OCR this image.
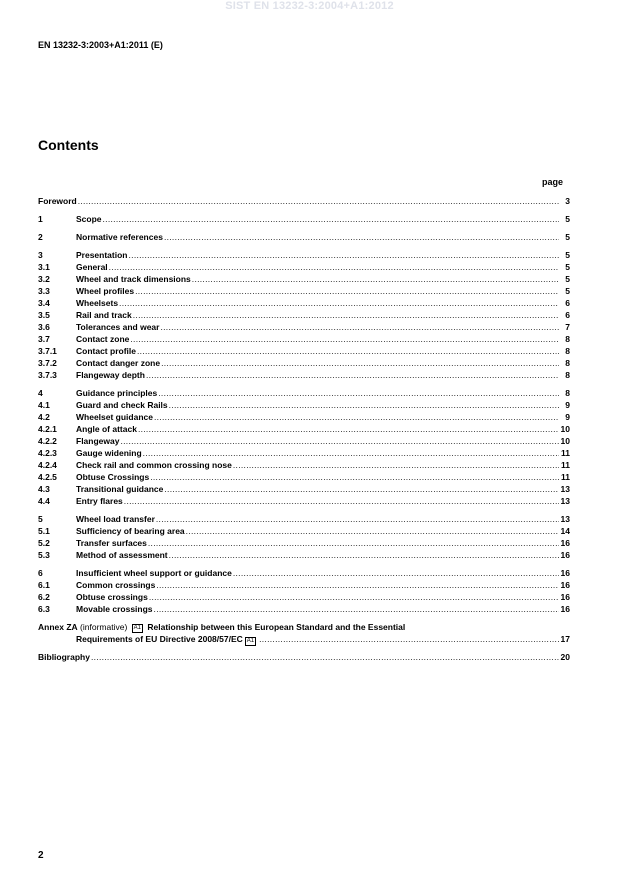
SIST EN 13232-3:2004+A1:2012
EN 13232-3:2003+A1:2011 (E)
Contents
page
Foreword .....	3
1	Scope .....	5
2	Normative references .....	5
3	Presentation .....	5
3.1	General .....	5
3.2	Wheel and track dimensions .....	5
3.3	Wheel profiles .....	5
3.4	Wheelsets .....	6
3.5	Rail and track .....	6
3.6	Tolerances and wear .....	7
3.7	Contact zone .....	8
3.7.1	Contact profile .....	8
3.7.2	Contact danger zone .....	8
3.7.3	Flangeway depth .....	8
4	Guidance principles .....	8
4.1	Guard and check Rails .....	9
4.2	Wheelset guidance .....	9
4.2.1	Angle of attack .....	10
4.2.2	Flangeway .....	10
4.2.3	Gauge widening .....	11
4.2.4	Check rail and common crossing nose .....	11
4.2.5	Obtuse Crossings .....	11
4.3	Transitional guidance .....	13
4.4	Entry flares .....	13
5	Wheel load transfer .....	13
5.1	Sufficiency of bearing area .....	14
5.2	Transfer surfaces .....	16
5.3	Method of assessment .....	16
6	Insufficient wheel support or guidance .....	16
6.1	Common crossings .....	16
6.2	Obtuse crossings .....	16
6.3	Movable crossings .....	16
Annex ZA (informative) A1 Relationship between this European Standard and the Essential
Requirements of EU Directive 2008/57/EC A1 .....	17
Bibliography .....	20
2
